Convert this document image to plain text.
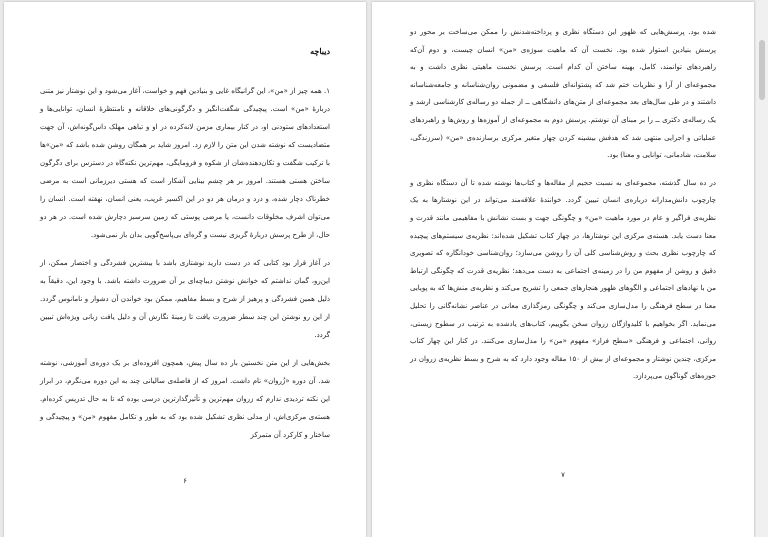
دیباچه

۱. همه چیز از «من»، این گرانیگاه غایی و بنیادین فهم و خواست، آغاز می‌شود و این نوشتار نیز متنی دربارهٔ «من» است. پیچیدگی شگفت‌انگیز و دگرگونی‌های خلاقانه و نامنتظرهٔ انسان، توانایی‌ها و استعدادهای ستودنی او، در کنار بیماری مزمن لانه‌کرده در او و تباهی مهلک داس‌گونه‌اش، آن جهت متضادیست که نوشته شدن این متن را لازم زد. امروز شاید بر همگان روشن شده باشد که «من»ها با ترکیب شگفت و تکان‌دهنده‌شان از شکوه و فرومایگی، مهم‌ترین نکته‌گاه در دسترس برای دگرگون ساختن هستی هستند. امروز بر هر چشم بینایی آشکار است که هستی دیرزمانی است به مرضی خطرناک دچار شده، و درد و درمان هر دو در این اکسیر غریب، یعنی انسان، نهفته است. انسان را می‌توان اشرف مخلوقات دانست، یا مرضی پوستی که زمین سرسبز دچارش شده است. در هر دو حال، از طرح پرسش دربارهٔ گریزی نیست و گره‌ای بی‌پاسخ‌گویی بدان باز نمی‌شود.

در آغاز قرار بود کتابی که در دست دارید نوشتاری باشد با بیشترین فشردگی و اختصار ممکن، از این‌رو، گمان نداشتم که خوانش نوشتن دیباچه‌ای بر آن ضرورت داشته باشد. با وجود این، دقیقاً به دلیل همین فشردگی و پرهیز از شرح و بسط مفاهیم، ممکن بود خواندن آن دشوار و نامانوس گردد. از این رو نوشتن این چند سطر ضرورت یافت تا زمینهٔ نگارش آن و دلیل یافت زبانی ویژه‌اش تبیین گردد.

بخش‌هایی از این متن نخستین بار ده سال پیش، همچون افزوده‌ای بر یک دوره‌ی آموزشی، نوشته شد. آن دوره «زُروان» نام داشت. امروز که از فاصله‌ی سالیانی چند به این دوره می‌نگرم، در ابراز این نکته تردیدی ندارم که زروان مهم‌ترین و تأثیرگذارترین درسی بوده که تا به حال تدریس کرده‌ام. هسته‌ی مرکزی‌اش، از مدلی نظری تشکیل شده بود که به طور و تکامل مفهوم «من» و پیچیدگی و ساختار و کارکرد آن متمرکز

۶

شده بود. پرسش‌هایی که ظهور این دستگاه نظری و پرداخته‌شدنش را ممکن می‌ساخت بر محور دو پرسش بنیادین استوار شده بود. نخست آن که ماهیت سوژه‌ی «من» انسان چیست، و دوم آن‌که راهبردهای توانمند، کامل، بهینه ساختن آن کدام است. پرسش نخست ماهیتی نظری داشت و به مجموعه‌ای از آرا و نظریات ختم شد که پشتوانه‌ای فلسفی و مضمونی روان‌شناسانه و جامعه‌شناسانه داشتند و در طی سال‌های بعد مجموعه‌ای از متن‌های دانشگاهی ــ از جمله دو رساله‌ی کارشناسی ارشد و یک رساله‌ی دکتری ــ را بر مبنای آن نوشتم. پرسش دوم به مجموعه‌ای از آموزه‌ها و روش‌ها و راهبردهای عملیاتی و اجرایی منتهی شد که هدفش بیشینه کردن چهار متغیر مرکزی برسازنده‌ی «من» (سرزندگی، سلامت، شادمانی، توانایی و معنا) بود.

در ده سال گذشته، مجموعه‌ای به نسبت حجیم از مقاله‌ها و کتاب‌ها نوشته شده تا آن دستگاه نظری و چارچوب دانش‌مدارانه درباره‌ی انسان تبیین گردد. خوانندهٔ علاقه‌مند می‌تواند در این نوشتارها به یک نظریه‌ی فراگیر و عام در مورد ماهیت «من» و چگونگی جهت و بست نشانش با مفاهیمی مانند قدرت و معنا دست یابد. هسته‌ی مرکزی این نوشتارها، در چهار کتاب تشکیل شده‌اند: نظریه‌ی سیستم‌های پیچیده که چارچوب نظری بحث و روش‌شناسی کلی آن را روشن می‌سازد؛ روان‌شناسی خودانگاره که تصویری دقیق و روشن از مفهوم من را در زمینه‌ی اجتماعی به دست می‌دهد؛ نظریه‌ی قدرت که چگونگی ارتباط من با نهادهای اجتماعی و الگوهای ظهور هنجارهای جمعی را تشریح می‌کند و نظریه‌ی منش‌ها که به پویایی معنا در سطح فرهنگی را مدل‌سازی می‌کند و چگونگی رمزگذاری معانی در عناصر نشانه‌گانی را تحلیل می‌نماید. اگر بخواهیم با کلیدواژگان زروان سخن بگوییم، کتاب‌های یادشده به ترتیب در سطوح زیستی، روانی، اجتماعی و فرهنگی «سطح فراز» مفهوم «من» را مدل‌سازی می‌کنند. در کنار این چهار کتاب مرکزی، چندین نوشتار و مجموعه‌ای از بیش از ۱۵۰ مقاله وجود دارد که به شرح و بسط نظریه‌ی زروان در حوزه‌های گوناگون می‌پردازد.

۷
